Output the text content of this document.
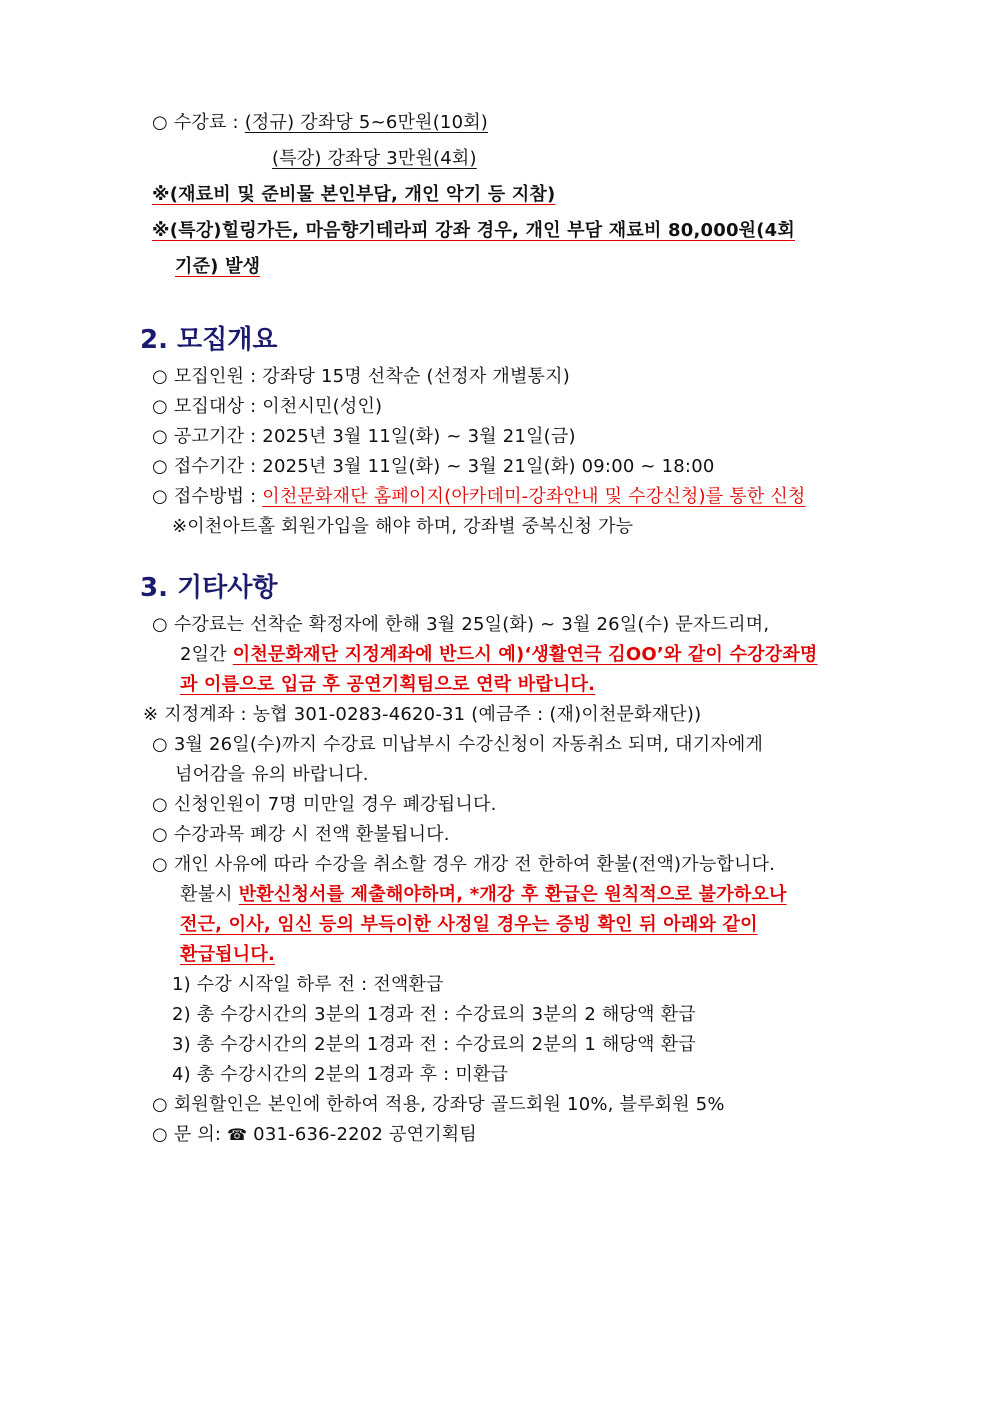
○ 수강료 : (정규) 강좌당 5~6만원(10회)
(특강) 강좌당 3만원(4회)
※(재료비 및 준비물 본인부담, 개인 악기 등 지참)
※(특강)힐링가든, 마음향기테라피 강좌 경우, 개인 부담 재료비 80,000원(4회
기준) 발생
2. 모집개요
○ 모집인원 : 강좌당 15명 선착순 (선정자 개별통지)
○ 모집대상 : 이천시민(성인)
○ 공고기간 : 2025년 3월 11일(화) ~ 3월 21일(금)
○ 접수기간 : 2025년 3월 11일(화) ~ 3월 21일(화) 09:00 ~ 18:00
○ 접수방법 : 이천문화재단 홈페이지(아카데미-강좌안내 및 수강신청)를 통한 신청
※이천아트홀 회원가입을 해야 하며, 강좌별 중복신청 가능
3. 기타사항
○ 수강료는 선착순 확정자에 한해 3월 25일(화) ~ 3월 26일(수) 문자드리며,
2일간 이천문화재단 지정계좌에 반드시 예)‘생활연극 김OO’와 같이 수강강좌명
과 이름으로 입금 후 공연기획팀으로 연락 바랍니다.
※ 지정계좌 : 농협 301-0283-4620-31 (예금주 : (재)이천문화재단))
○ 3월 26일(수)까지 수강료 미납부시 수강신청이 자동취소 되며, 대기자에게
넘어감을 유의 바랍니다.
○ 신청인원이 7명 미만일 경우 폐강됩니다.
○ 수강과목 폐강 시 전액 환불됩니다.
○ 개인 사유에 따라 수강을 취소할 경우 개강 전 한하여 환불(전액)가능합니다.
환불시 반환신청서를 제출해야하며, *개강 후 환급은 원칙적으로 불가하오나
전근, 이사, 임신 등의 부득이한 사정일 경우는 증빙 확인 뒤 아래와 같이
환급됩니다.
1) 수강 시작일 하루 전 : 전액환급
2) 총 수강시간의 3분의 1경과 전 : 수강료의 3분의 2 해당액 환급
3) 총 수강시간의 2분의 1경과 전 : 수강료의 2분의 1 해당액 환급
4) 총 수강시간의 2분의 1경과 후 : 미환급
○ 회원할인은 본인에 한하여 적용, 강좌당 골드회원 10%, 블루회원 5%
○ 문 의: ☎ 031-636-2202 공연기획팀
